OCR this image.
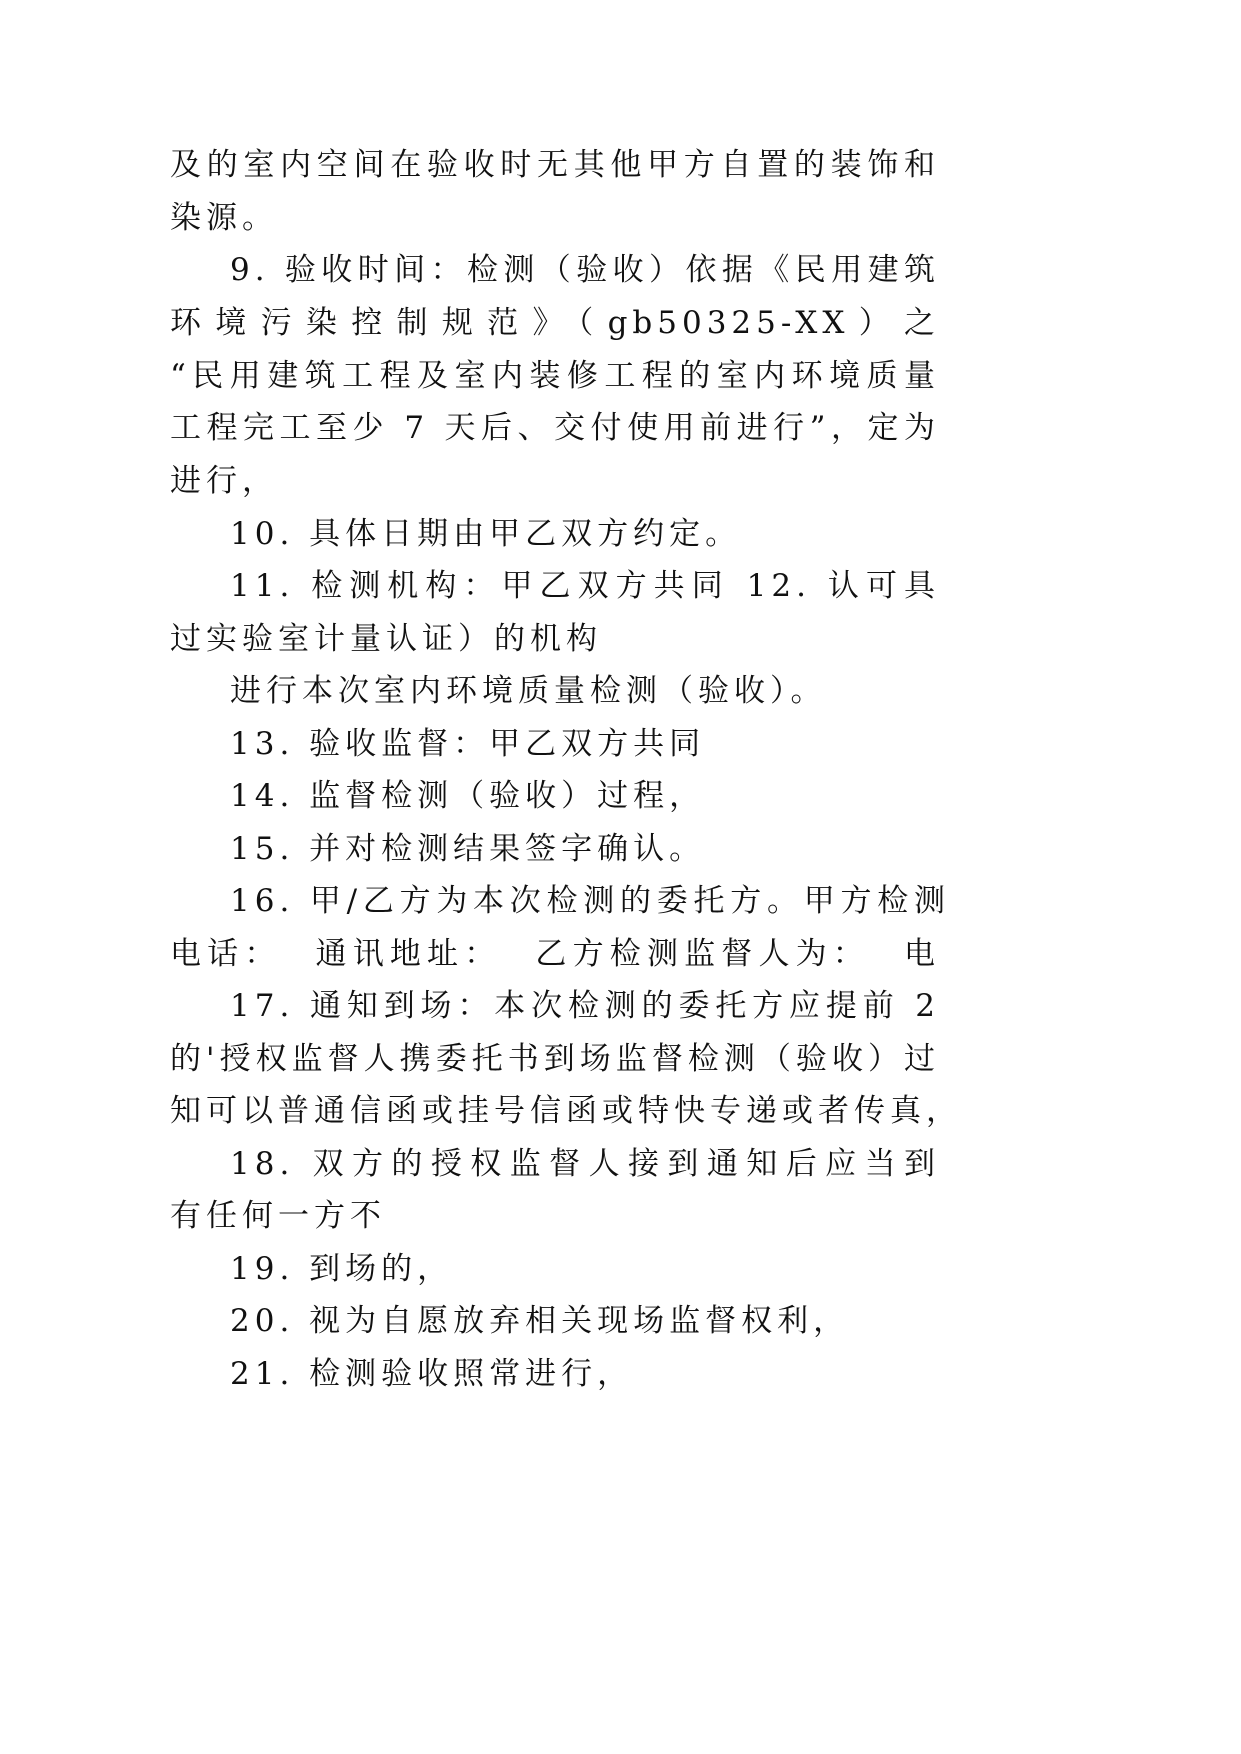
及的室内空间在验收时无其他甲方自置的装饰和

染源。

9. 验收时间：检测（验收）依据《民用建筑

环境污染控制规范》（gb50325-XX）之

“民用建筑工程及室内装修工程的室内环境质量

工程完工至少 7 天后、交付使用前进行”，定为

进行，

10. 具体日期由甲乙双方约定。

11. 检测机构：甲乙双方共同 12. 认可具

过实验室计量认证）的机构

进行本次室内环境质量检测（验收）。

13. 验收监督：甲乙双方共同

14. 监督检测（验收）过程，

15. 并对检测结果签字确认。

16. 甲/乙方为本次检测的委托方。甲方检测

电话： 通讯地址： 乙方检测监督人为： 电

17. 通知到场：本次检测的委托方应提前 2

的'授权监督人携委托书到场监督检测（验收）过

知可以普通信函或挂号信函或特快专递或者传真，

18. 双方的授权监督人接到通知后应当到

有任何一方不

19. 到场的，

20. 视为自愿放弃相关现场监督权利，

21. 检测验收照常进行，
